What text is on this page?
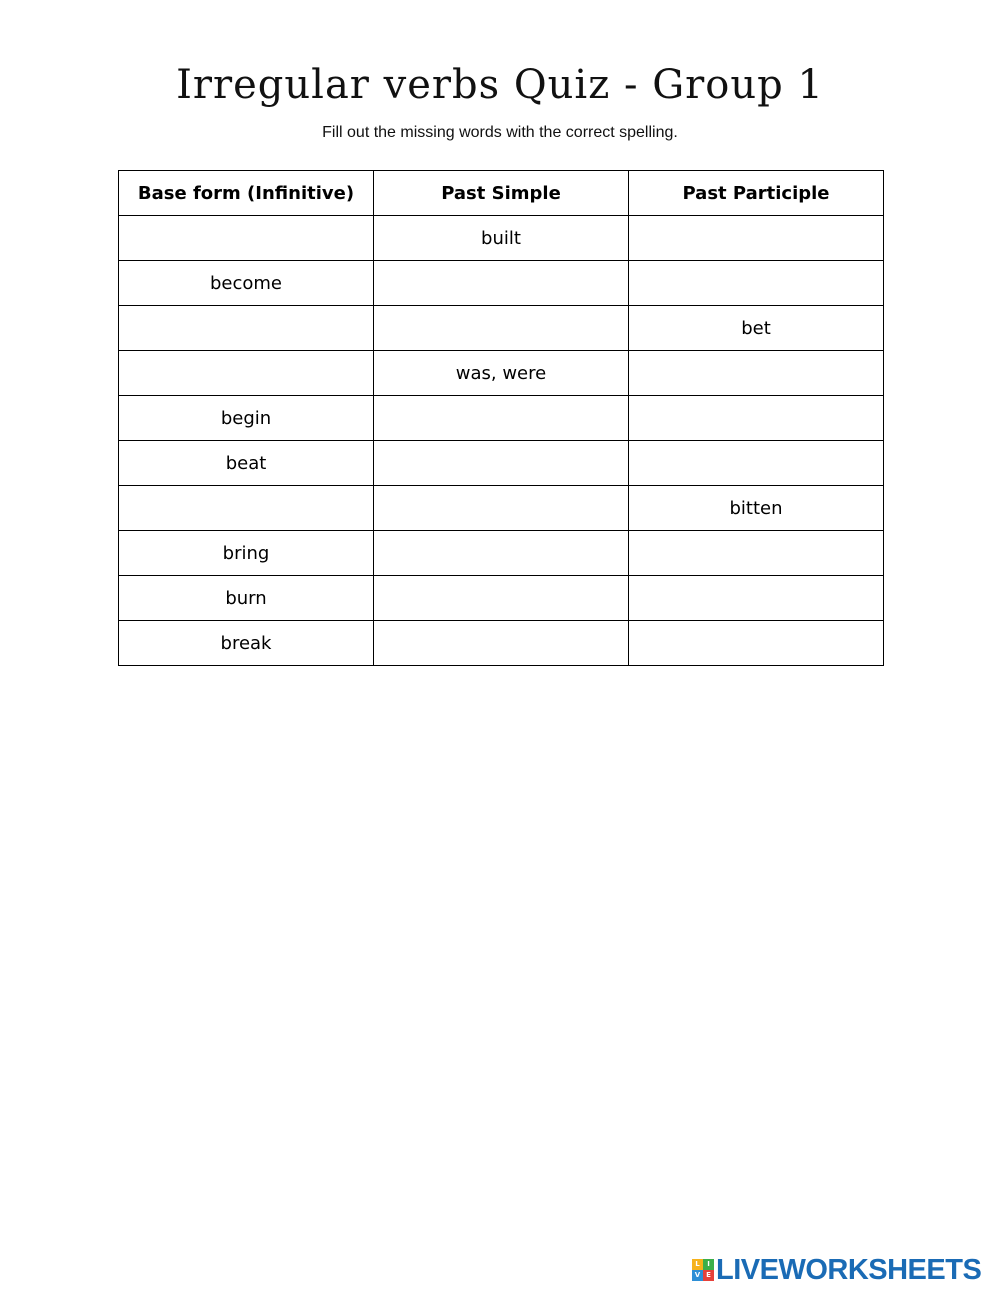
Irregular verbs Quiz - Group 1
Fill out the missing words with the correct spelling.
Base form (Infinitive)	Past Simple	Past Participle
	built	
become		
		bet
	was, were	
begin		
beat		
		bitten
bring		
burn		
break		
L	I
V E LIVEWORKSHEETS
